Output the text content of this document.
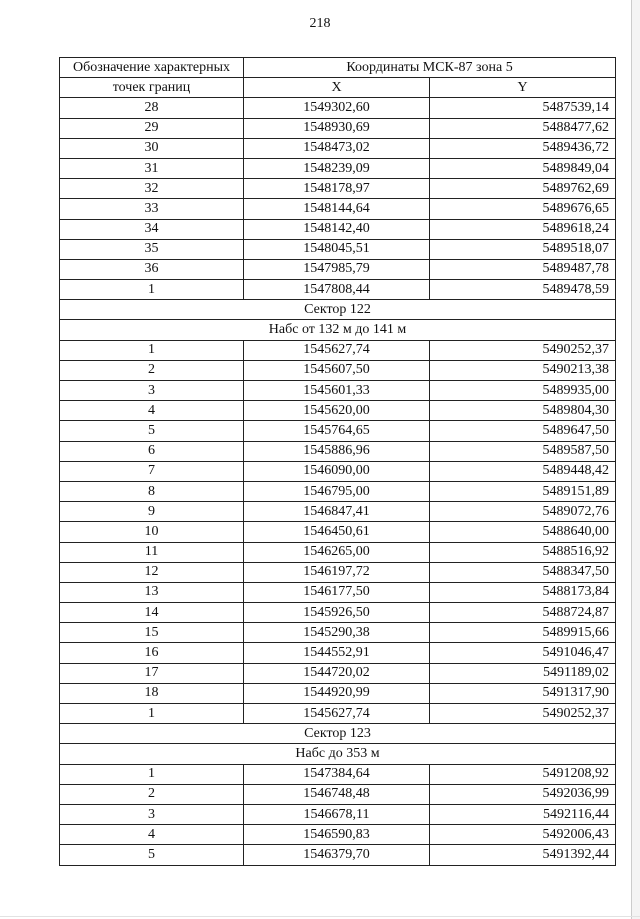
218
Обозначение характерных	Координаты МСК-87 зона 5	
точек границ	X	Y
28	1549302,60	5487539,14
29	1548930,69	5488477,62
30	1548473,02	5489436,72
31	1548239,09	5489849,04
32	1548178,97	5489762,69
33	1548144,64	5489676,65
34	1548142,40	5489618,24
35	1548045,51	5489518,07
36	1547985,79	5489487,78
1	1547808,44	5489478,59
Сектор 122		
Набс от 132 м до 141 м		
1	1545627,74	5490252,37
2	1545607,50	5490213,38
3	1545601,33	5489935,00
4	1545620,00	5489804,30
5	1545764,65	5489647,50
6	1545886,96	5489587,50
7	1546090,00	5489448,42
8	1546795,00	5489151,89
9	1546847,41	5489072,76
10	1546450,61	5488640,00
11	1546265,00	5488516,92
12	1546197,72	5488347,50
13	1546177,50	5488173,84
14	1545926,50	5488724,87
15	1545290,38	5489915,66
16	1544552,91	5491046,47
17	1544720,02	5491189,02
18	1544920,99	5491317,90
1	1545627,74	5490252,37
Сектор 123		
Набс до 353 м		
1	1547384,64	5491208,92
2	1546748,48	5492036,99
3	1546678,11	5492116,44
4	1546590,83	5492006,43
5	1546379,70	5491392,44
